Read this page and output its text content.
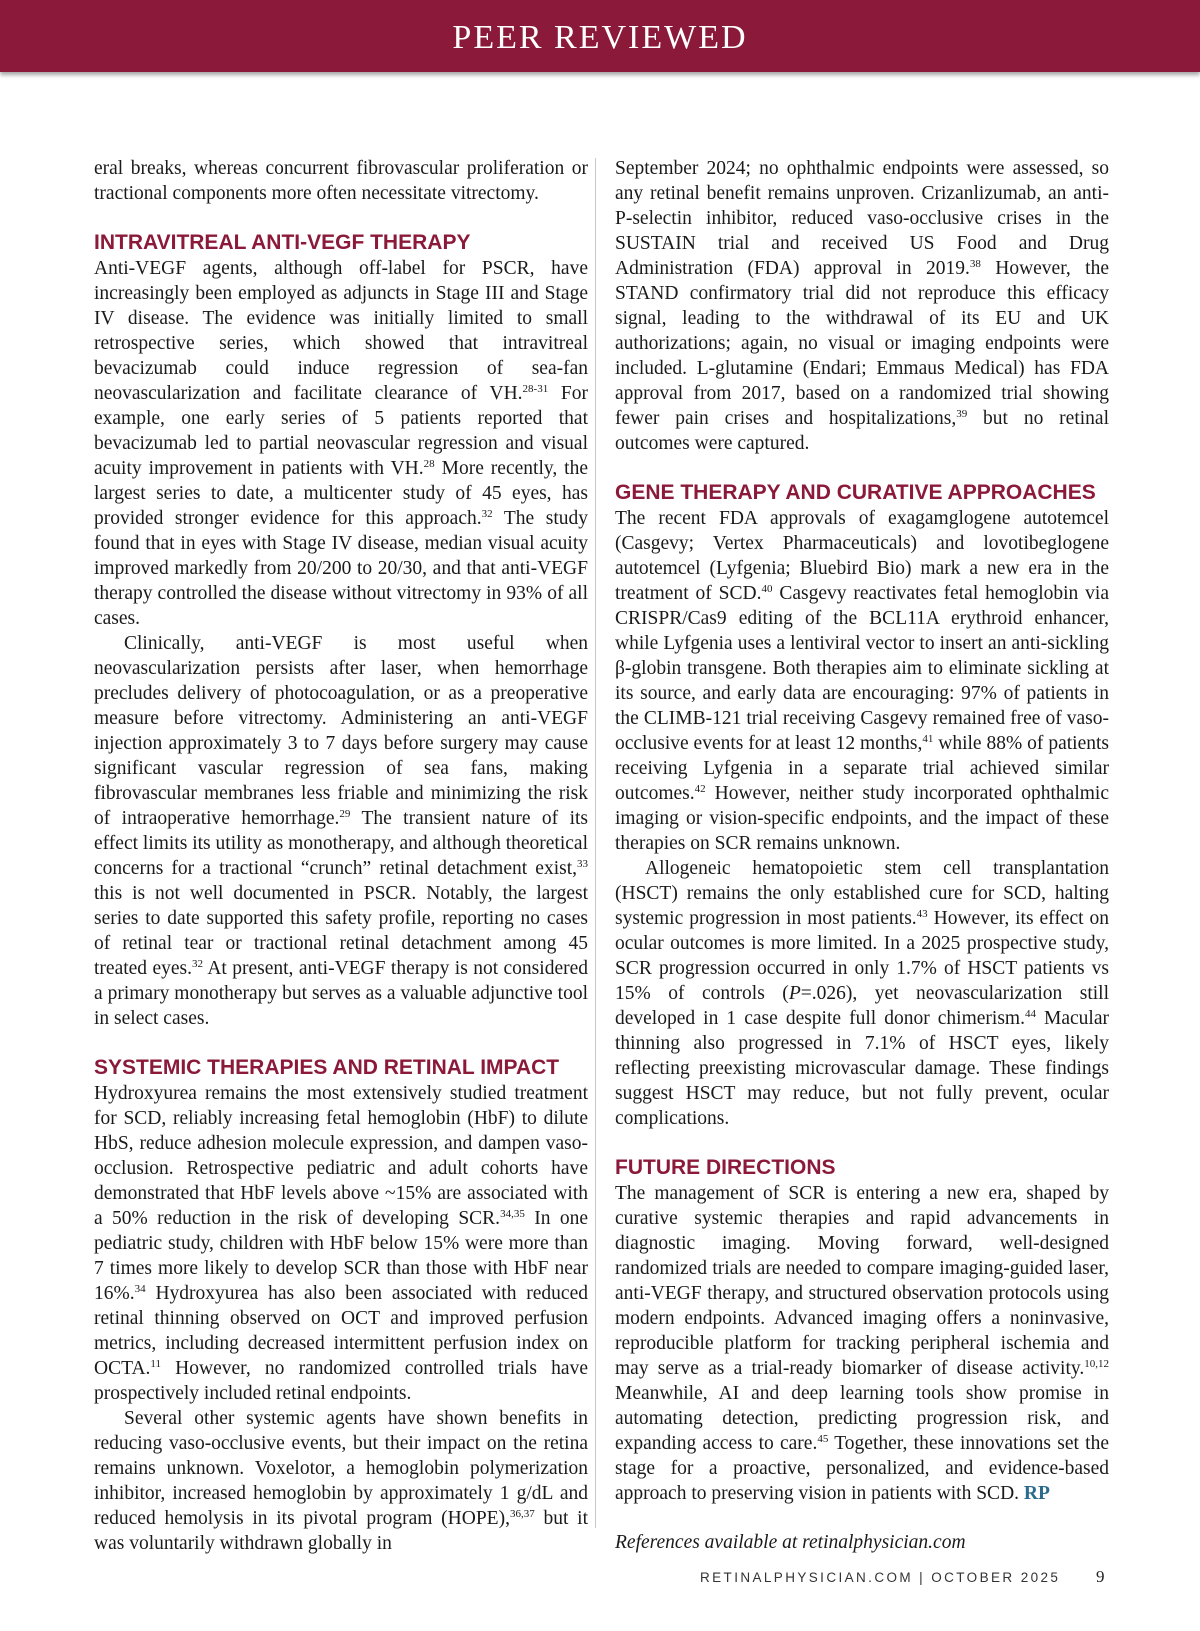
PEER REVIEWED

eral breaks, whereas concurrent fibrovascular proliferation or tractional components more often necessitate vitrectomy.

INTRAVITREAL ANTI-VEGF THERAPY

Anti-VEGF agents, although off-label for PSCR, have increasingly been employed as adjuncts in Stage III and Stage IV disease. The evidence was initially limited to small retrospective series, which showed that intravitreal bevacizumab could induce regression of sea-fan neovascularization and facilitate clearance of VH.$^{28-31}$ For example, one early series of 5 patients reported that bevacizumab led to partial neovascular regression and visual acuity improvement in patients with VH.$^{28}$ More recently, the largest series to date, a multicenter study of 45 eyes, has provided stronger evidence for this approach.$^{32}$ The study found that in eyes with Stage IV disease, median visual acuity improved markedly from 20/200 to 20/30, and that anti-VEGF therapy controlled the disease without vitrectomy in 93% of all cases.

Clinically, anti-VEGF is most useful when neovascularization persists after laser, when hemorrhage precludes delivery of photocoagulation, or as a preoperative measure before vitrectomy. Administering an anti-VEGF injection approximately 3 to 7 days before surgery may cause significant vascular regression of sea fans, making fibrovascular membranes less friable and minimizing the risk of intraoperative hemorrhage.$^{29}$ The transient nature of its effect limits its utility as monotherapy, and although theoretical concerns for a tractional “crunch” retinal detachment exist,$^{33}$ this is not well documented in PSCR. Notably, the largest series to date supported this safety profile, reporting no cases of retinal tear or tractional retinal detachment among 45 treated eyes.$^{32}$ At present, anti-VEGF therapy is not considered a primary monotherapy but serves as a valuable adjunctive tool in select cases.

SYSTEMIC THERAPIES AND RETINAL IMPACT

Hydroxyurea remains the most extensively studied treatment for SCD, reliably increasing fetal hemoglobin (HbF) to dilute HbS, reduce adhesion molecule expression, and dampen vaso-occlusion. Retrospective pediatric and adult cohorts have demonstrated that HbF levels above ~15% are associated with a 50% reduction in the risk of developing SCR.$^{34,35}$ In one pediatric study, children with HbF below 15% were more than 7 times more likely to develop SCR than those with HbF near 16%.$^{34}$ Hydroxyurea has also been associated with reduced retinal thinning observed on OCT and improved perfusion metrics, including decreased intermittent perfusion index on OCTA.$^{11}$ However, no randomized controlled trials have prospectively included retinal endpoints.

Several other systemic agents have shown benefits in reducing vaso-occlusive events, but their impact on the retina remains unknown. Voxelotor, a hemoglobin polymerization inhibitor, increased hemoglobin by approximately 1 g/dL and reduced hemolysis in its pivotal program (HOPE),$^{36,37}$ but it was voluntarily withdrawn globally in

September 2024; no ophthalmic endpoints were assessed, so any retinal benefit remains unproven. Crizanlizumab, an anti-P-selectin inhibitor, reduced vaso-occlusive crises in the SUSTAIN trial and received US Food and Drug Administration (FDA) approval in 2019.38 However, the STAND confirmatory trial did not reproduce this efficacy signal, leading to the withdrawal of its EU and UK authorizations; again, no visual or imaging endpoints were included. L-glutamine (Endari; Emmaus Medical) has FDA approval from 2017, based on a randomized trial showing fewer pain crises and hospitalizations,$^{39}$ but no retinal outcomes were captured.

GENE THERAPY AND CURATIVE APPROACHES

The recent FDA approvals of exagamglogene autotemcel (Casgevy; Vertex Pharmaceuticals) and lovotibeglogene autotemcel (Lyfgenia; Bluebird Bio) mark a new era in the treatment of SCD.$^{40}$ Casgevy reactivates fetal hemoglobin via CRISPR/Cas9 editing of the BCL11A erythroid enhancer, while Lyfgenia uses a lentiviral vector to insert an anti-sickling β-globin transgene. Both therapies aim to eliminate sickling at its source, and early data are encouraging: 97% of patients in the CLIMB-121 trial receiving Casgevy remained free of vaso-occlusive events for at least 12 months,$^{41}$ while 88% of patients receiving Lyfgenia in a separate trial achieved similar outcomes.$^{42}$ However, neither study incorporated ophthalmic imaging or vision-specific endpoints, and the impact of these therapies on SCR remains unknown.

Allogeneic hematopoietic stem cell transplantation (HSCT) remains the only established cure for SCD, halting systemic progression in most patients.$^{43}$ However, its effect on ocular outcomes is more limited. In a 2025 prospective study, SCR progression occurred in only 1.7% of HSCT patients vs 15% of controls (P=.026), yet neovascularization still developed in 1 case despite full donor chimerism.$^{44}$ Macular thinning also progressed in 7.1% of HSCT eyes, likely reflecting preexisting microvascular damage. These findings suggest HSCT may reduce, but not fully prevent, ocular complications.

FUTURE DIRECTIONS

The management of SCR is entering a new era, shaped by curative systemic therapies and rapid advancements in diagnostic imaging. Moving forward, well-designed randomized trials are needed to compare imaging-guided laser, anti-VEGF therapy, and structured observation protocols using modern endpoints. Advanced imaging offers a noninvasive, reproducible platform for tracking peripheral ischemia and may serve as a trial-ready biomarker of disease activity.$^{10,12}$ Meanwhile, AI and deep learning tools show promise in automating detection, predicting progression risk, and expanding access to care.$^{45}$ Together, these innovations set the stage for a proactive, personalized, and evidence-based approach to preserving vision in patients with SCD. RP

References available at retinalphysician.com

RETINALPHYSICIAN.COM | OCTOBER 2025	9
